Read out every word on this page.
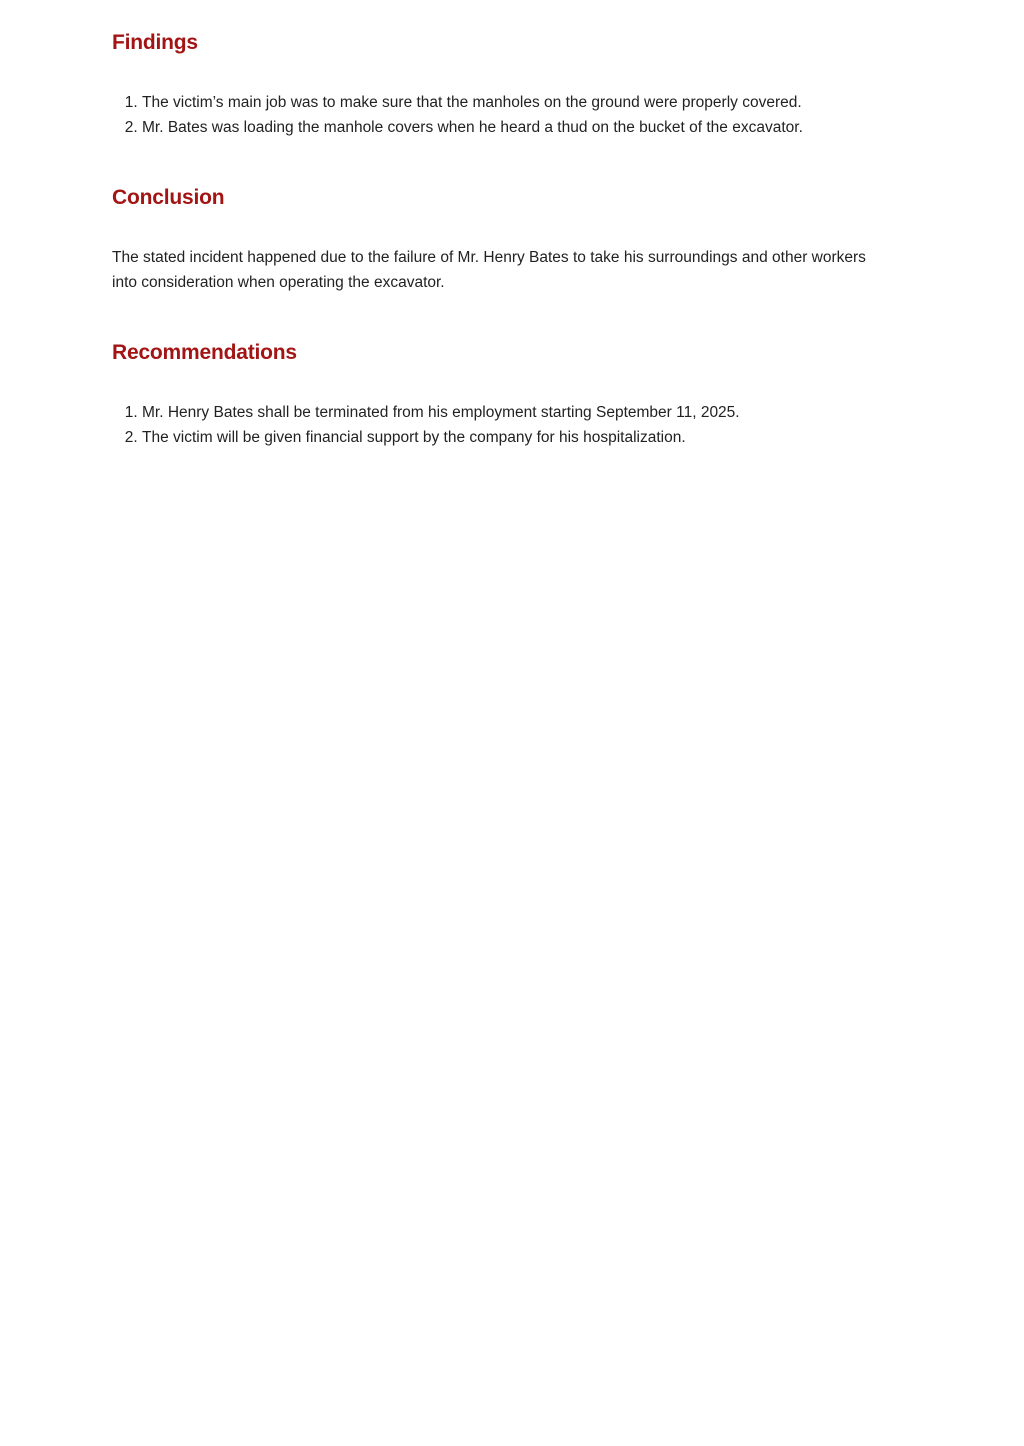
Findings
1. The victim’s main job was to make sure that the manholes on the ground were properly covered.
2. Mr. Bates was loading the manhole covers when he heard a thud on the bucket of the excavator.
Conclusion

The stated incident happened due to the failure of Mr. Henry Bates to take his surroundings and other workers into consideration when operating the excavator.

Recommendations
1. Mr. Henry Bates shall be terminated from his employment starting September 11, 2025.
2. The victim will be given financial support by the company for his hospitalization.
